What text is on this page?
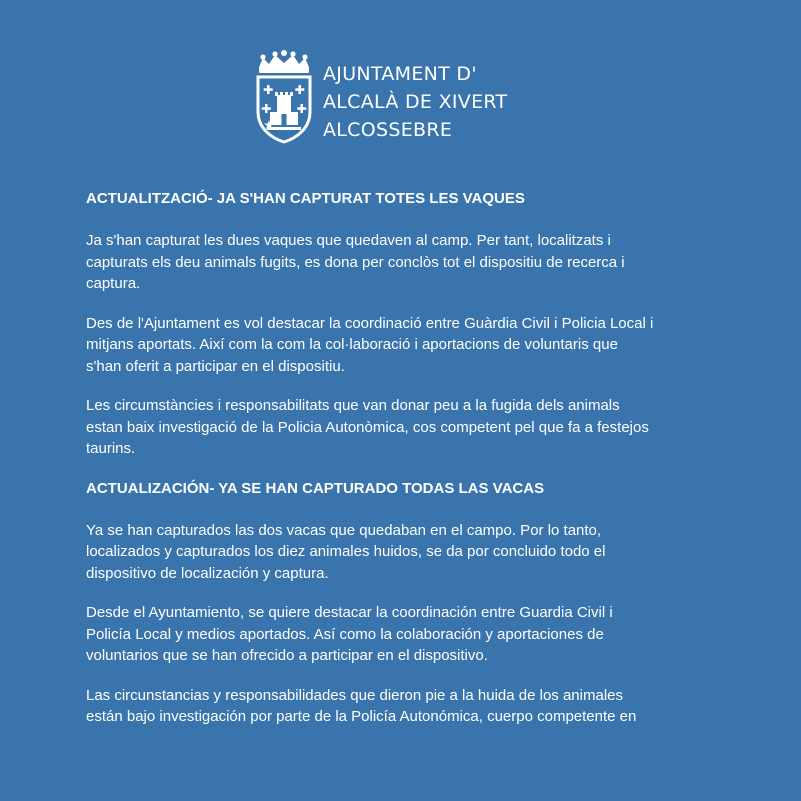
AJUNTAMENT D'
ALCALÀ DE XIVERT
ALCOSSEBRE
ACTUALITZACIÓ- JA S'HAN CAPTURAT TOTES LES VAQUES

Ja s'han capturat les dues vaques que quedaven al camp. Per tant, localitzats i
capturats els deu animals fugits, es dona per conclòs tot el dispositiu de recerca i
captura.

Des de l'Ajuntament es vol destacar la coordinació entre Guàrdia Civil i Policia Local i
mitjans aportats. Així com la com la col·laboració i aportacions de voluntaris que
s'han oferit a participar en el dispositiu.

Les circumstàncies i responsabilitats que van donar peu a la fugida dels animals
estan baix investigació de la Policia Autonòmica, cos competent pel que fa a festejos
taurins.

ACTUALIZACIÓN- YA SE HAN CAPTURADO TODAS LAS VACAS

Ya se han capturados las dos vacas que quedaban en el campo. Por lo tanto,
localizados y capturados los diez animales huidos, se da por concluido todo el
dispositivo de localización y captura.

Desde el Ayuntamiento, se quiere destacar la coordinación entre Guardia Civil i
Policía Local y medios aportados. Así como la colaboración y aportaciones de
voluntarios que se han ofrecido a participar en el dispositivo.

Las circunstancias y responsabilidades que dieron pie a la huida de los animales
están bajo investigación por parte de la Policía Autonómica, cuerpo competente en
